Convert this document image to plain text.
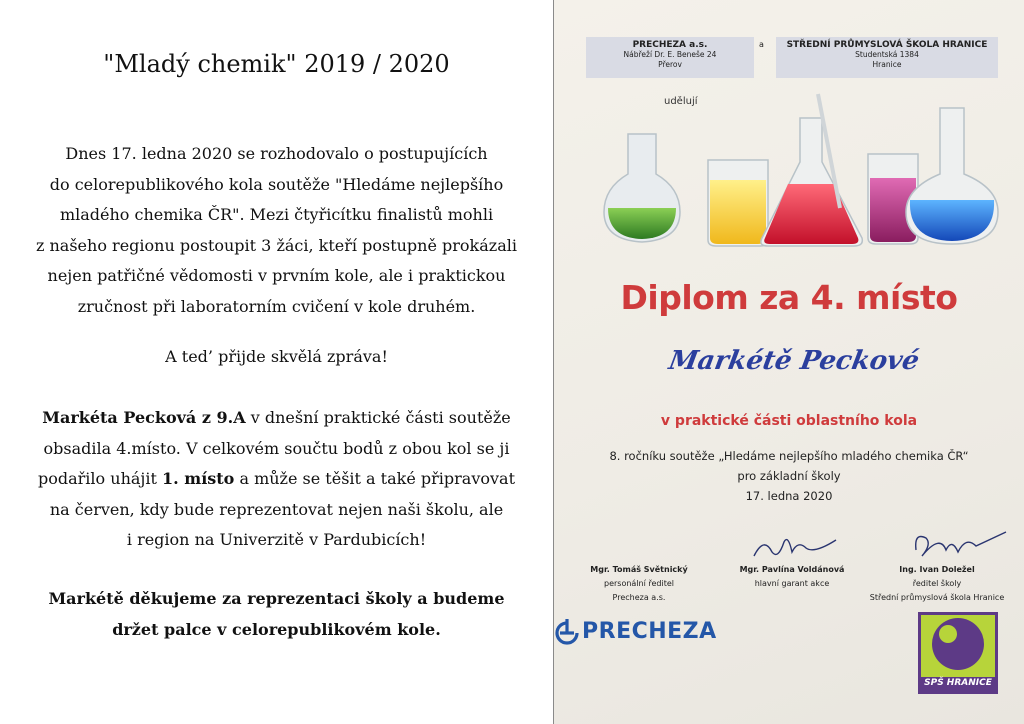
"Mladý chemik" 2019 / 2020
Dnes 17. ledna 2020 se rozhodovalo o postupujících
do celorepublikového kola soutěže "Hledáme nejlepšího
mladého chemika ČR". Mezi čtyřicítku finalistů mohli
z našeho regionu postoupit 3 žáci, kteří postupně prokázali
nejen patřičné vědomosti v prvním kole, ale i praktickou
zručnost při laboratorním cvičení v kole druhém.
A ted’ přijde skvělá zpráva!
Markéta Pecková z 9.A v dnešní praktické části soutěže
obsadila 4.místo. V celkovém součtu bodů z obou kol se ji
podařilo uhájit 1. místo a může se těšit a také připravovat
na červen, kdy bude reprezentovat nejen naši školu, ale
i region na Univerzitě v Pardubicích!
Markétě děkujeme za reprezentaci školy a budeme
držet palce v celorepublikovém kole.
PRECHEZA a.s.
Nábřeží Dr. E. Beneše 24
Přerov
a	STŘEDNÍ PRŮMYSLOVÁ ŠKOLA HRANICE
Studentská 1384
Hranice
udělují
Diplom za 4. místo
Markétě Peckové
v praktické části oblastního kola
8. ročníku soutěže „Hledáme nejlepšího mladého chemika ČR“
pro základní školy
17. ledna 2020
Mgr. Tomáš Světnický
personální ředitel
Precheza a.s.
Mgr. Pavlína Voldánová
hlavní garant akce
Ing. Ivan Doležel
ředitel školy
Střední průmyslová škola Hranice
PRECHEZA
SPŠ HRANICE
